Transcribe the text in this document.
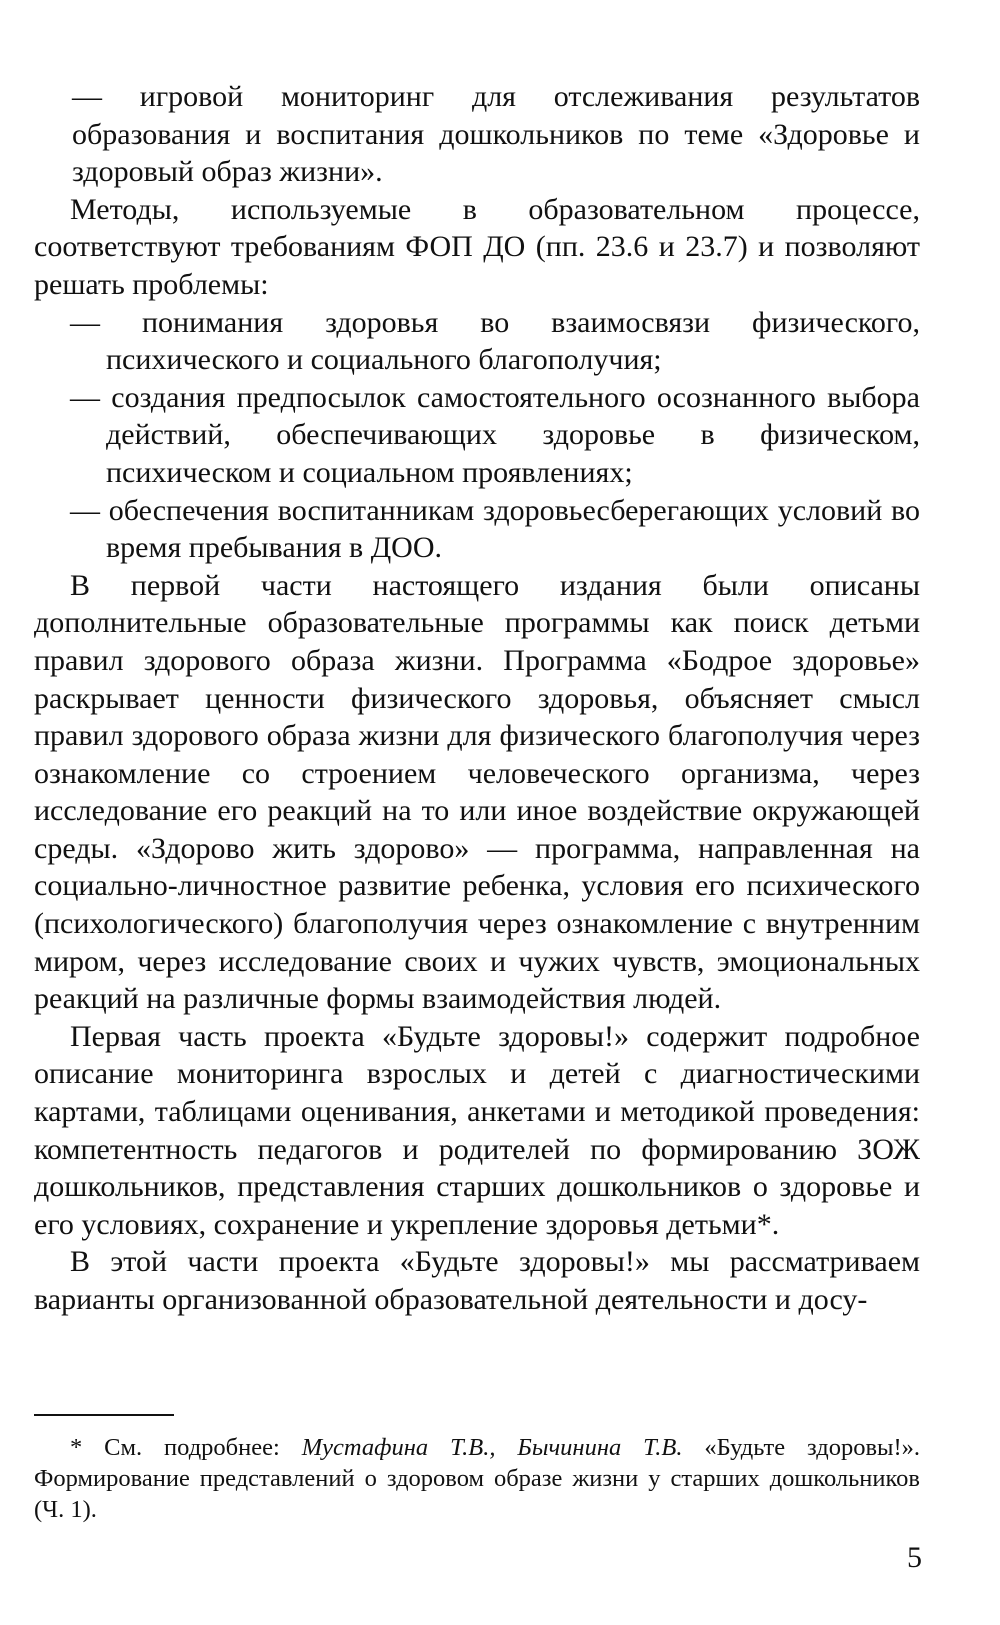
— игровой мониторинг для отслеживания результатов образования и воспитания дошкольников по теме «Здоровье и здоровый образ жизни».

Методы, используемые в образовательном процессе, соответствуют требованиям ФОП ДО (пп. 23.6 и 23.7) и позволяют решать проблемы:

— понимания здоровья во взаимосвязи физического, психического и социального благополучия;

— создания предпосылок самостоятельного осознанного выбора действий, обеспечивающих здоровье в физическом, психическом и социальном проявлениях;

— обеспечения воспитанникам здоровьесберегающих условий во время пребывания в ДОО.

В первой части настоящего издания были описаны дополнительные образовательные программы как поиск детьми правил здорового образа жизни. Программа «Бодрое здоровье» раскрывает ценности физического здоровья, объясняет смысл правил здорового образа жизни для физического благополучия через ознакомление со строением человеческого организма, через исследование его реакций на то или иное воздействие окружающей среды. «Здорово жить здорово» — программа, направленная на социально-личностное развитие ребенка, условия его психического (психологического) благополучия через ознакомление с внутренним миром, через исследование своих и чужих чувств, эмоциональных реакций на различные формы взаимодействия людей.

Первая часть проекта «Будьте здоровы!» содержит подробное описание мониторинга взрослых и детей с диагностическими картами, таблицами оценивания, анкетами и методикой проведения: компетентность педагогов и родителей по формированию ЗОЖ дошкольников, представления старших дошкольников о здоровье и его условиях, сохранение и укрепление здоровья детьми*.

В этой части проекта «Будьте здоровы!» мы рассматриваем варианты организованной образовательной деятельности и досу-

* См. подробнее: Мустафина Т.В., Бычинина Т.В. «Будьте здоровы!». Формирование представлений о здоровом образе жизни у старших дошкольников (Ч. 1).
5
